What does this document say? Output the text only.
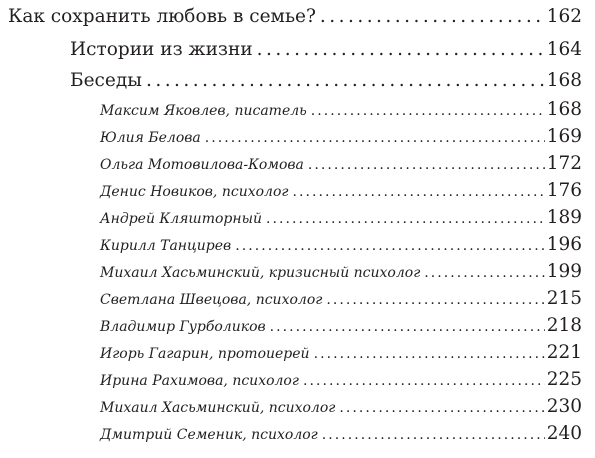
Как сохранить любовь в семье? . . .	162
Истории из жизни . . .	164
Беседы . . .	168
Максим Яковлев, писатель . . .	168
Юлия Белова . . .	169
Ольга Мотовилова-Комова . . .	172
Денис Новиков, психолог . . .	176
Андрей Кляшторный . . .	189
Кирилл Танцирев . . .	196
Михаил Хасьминский, кризисный психолог . . .	199
Светлана Швецова, психолог . . .	215
Владимир Гурболиков . . .	218
Игорь Гагарин, протоиерей . . .	221
Ирина Рахимова, психолог . . .	225
Михаил Хасьминский, психолог . . .	230
Дмитрий Семеник, психолог . . .	240
